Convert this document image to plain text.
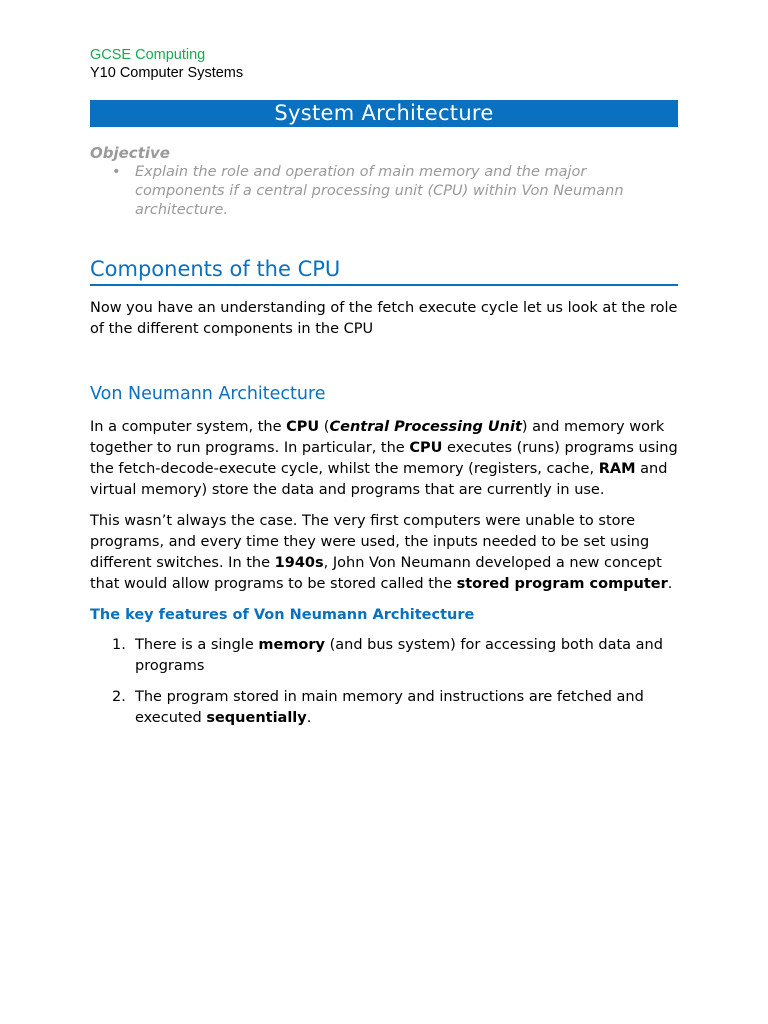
GCSE Computing
Y10 Computer Systems
System Architecture
Objective
• Explain the role and operation of main memory and the major components if a central processing unit (CPU) within Von Neumann architecture.
Components of the CPU

Now you have an understanding of the fetch execute cycle let us look at the role of the different components in the CPU

Von Neumann Architecture

In a computer system, the CPU (Central Processing Unit) and memory work together to run programs. In particular, the CPU executes (runs) programs using the fetch-decode-execute cycle, whilst the memory (registers, cache, RAM and virtual memory) store the data and programs that are currently in use.

This wasn’t always the case. The very first computers were unable to store programs, and every time they were used, the inputs needed to be set using different switches. In the 1940s, John Von Neumann developed a new concept that would allow programs to be stored called the stored program computer.

The key features of Von Neumann Architecture
1. There is a single memory (and bus system) for accessing both data and programs
2. The program stored in main memory and instructions are fetched and executed sequentially.
